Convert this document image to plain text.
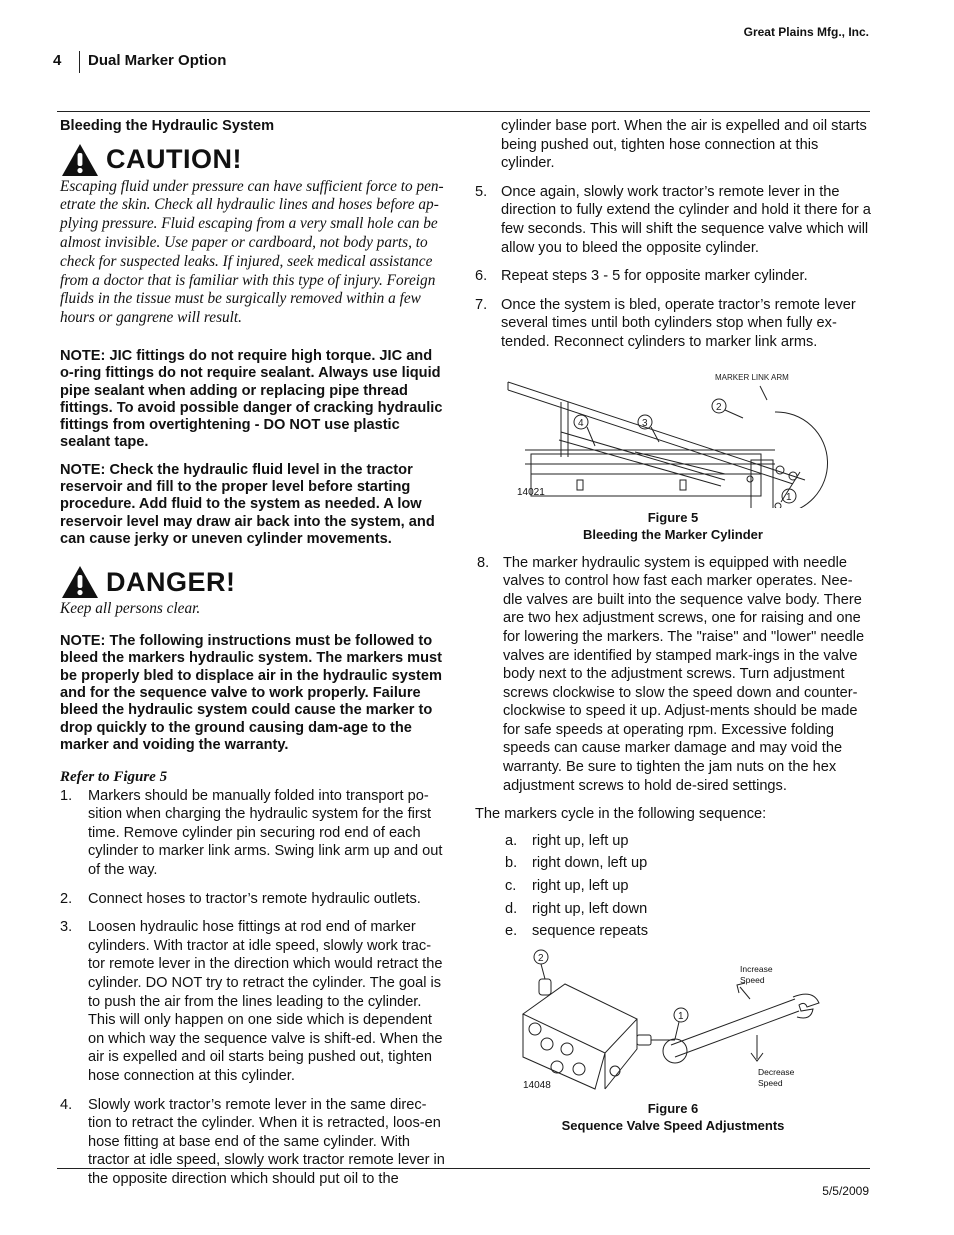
Great Plains Mfg., Inc.
4 Dual Marker Option
Bleeding the Hydraulic System
CAUTION!
Escaping fluid under pressure can have sufficient force to pen-etrate the skin. Check all hydraulic lines and hoses before ap-plying pressure. Fluid escaping from a very small hole can be almost invisible. Use paper or cardboard, not body parts, to check for suspected leaks. If injured, seek medical assistance from a doctor that is familiar with this type of injury. Foreign fluids in the tissue must be surgically removed within a few hours or gangrene will result.
NOTE: JIC fittings do not require high torque. JIC and o-ring fittings do not require sealant. Always use liquid pipe sealant when adding or replacing pipe thread fittings. To avoid possible danger of cracking hydraulic fittings from overtightening - DO NOT use plastic sealant tape.
NOTE: Check the hydraulic fluid level in the tractor reservoir and fill to the proper level before starting procedure. Add fluid to the system as needed. A low reservoir level may draw air back into the system, and can cause jerky or uneven cylinder movements.
DANGER!
Keep all persons clear.
NOTE: The following instructions must be followed to bleed the markers hydraulic system. The markers must be properly bled to displace air in the hydraulic system and for the sequence valve to work properly. Failure bleed the hydraulic system could cause the marker to drop quickly to the ground causing dam-age to the marker and voiding the warranty.
Refer to Figure 5
1.	Markers should be manually folded into transport po-sition when charging the hydraulic system for the first time. Remove cylinder pin securing rod end of each cylinder to marker link arms. Swing link arm up and out of the way.
2.	Connect hoses to tractor’s remote hydraulic outlets.
3.	Loosen hydraulic hose fittings at rod end of marker cylinders. With tractor at idle speed, slowly work trac-tor remote lever in the direction which would retract the cylinder. DO NOT try to retract the cylinder. The goal is to push the air from the lines leading to the cylinder. This will only happen on one side which is dependent on which way the sequence valve is shift-ed. When the air is expelled and oil starts being pushed out, tighten hose connection at this cylinder.
4.	Slowly work tractor’s remote lever in the same direc-tion to retract the cylinder. When it is retracted, loos-en hose fitting at base end of the same cylinder. With tractor at idle speed, slowly work tractor remote lever in the opposite direction which should put oil to the
cylinder base port. When the air is expelled and oil starts being pushed out, tighten hose connection at this cylinder.
5. Once again, slowly work tractor’s remote lever in the direction to fully extend the cylinder and hold it there for a few seconds. This will shift the sequence valve which will allow you to bleed the opposite cylinder.
6. Repeat steps 3 - 5 for opposite marker cylinder.
7. Once the system is bled, operate tractor’s remote lever several times until both cylinders stop when fully ex-tended. Reconnect cylinders to marker link arms.
MARKER LINK ARM
4	3
2
1
14021
Figure 5
Bleeding the Marker Cylinder
8. The marker hydraulic system is equipped with needle valves to control how fast each marker operates. Nee-dle valves are built into the sequence valve body. There are two hex adjustment screws, one for raising and one for lowering the markers. The "raise" and "lower" needle valves are identified by stamped mark-ings in the valve body next to the adjustment screws. Turn adjustment screws clockwise to slow the speed down and counter-clockwise to speed it up. Adjust-ments should be made for safe speeds at operating rpm. Excessive folding speeds can cause marker damage and may void the warranty. Be sure to tighten the jam nuts on the hex adjustment screws to hold de-sired settings.
The markers cycle in the following sequence:
a.	right up, left up
b.	right down, left up
c.	right up, left up
d.	right up, left down
e.	sequence repeats
2
1
Increase Speed
Decrease Speed
14048
Figure 6
Sequence Valve Speed Adjustments
5/5/2009
